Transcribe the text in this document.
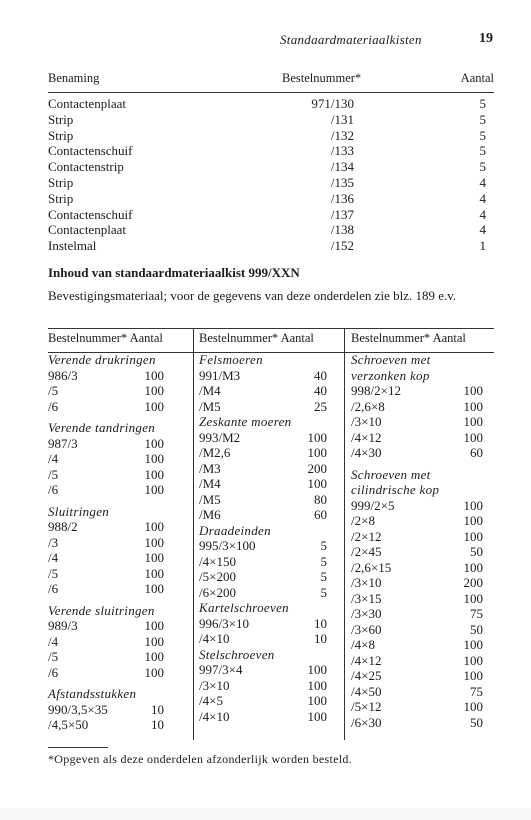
Standaardmateriaalkisten	19
Benaming	Bestelnummer*	Aantal
Contactenplaat	971/130	5
Strip	/131	5
Strip	/132	5
Contactenschuif	/133	5
Contactenstrip	/134	5
Strip	/135	4
Strip	/136	4
Contactenschuif	/137	4
Contactenplaat	/138	4
Instelmal	/152	1
Inhoud van standaardmateriaalkist 999/XXN
Bevestigingsmateriaal; voor de gegevens van deze onderdelen zie blz. 189 e.v.
Bestelnummer* Aantal	Bestelnummer* Aantal	Bestelnummer* Aantal
Verende drukringen
986/3	100
/5	100
/6	100
Verende tandringen
987/3	100
/4	100
/5	100
/6	100
Sluitringen
988/2	100
/3	100
/4	100
/5	100
/6	100
Verende sluitringen
989/3	100
/4	100
/5	100
/6	100
Afstandsstukken
990/3,5×35	10
/4,5×50	10
Felsmoeren
991/M3	40
/M4	40
/M5	25
Zeskante moeren
993/M2	100
/M2,6	100
/M3	200
/M4	100
/M5	80
/M6	60
Draadeinden
995/3×100	5
/4×150	5
/5×200	5
/6×200	5
Kartelschroeven
996/3×10	10
/4×10	10
Stelschroeven
997/3×4	100
/3×10	100
/4×5	100
/4×10	100
Schroeven met
verzonken kop
998/2×12	100
/2,6×8	100
/3×10	100
/4×12	100
/4×30	60
Schroeven met
cilindrische kop
999/2×5	100
/2×8	100
/2×12	100
/2×45	50
/2,6×15	100
/3×10	200
/3×15	100
/3×30	75
/3×60	50
/4×8	100
/4×12	100
/4×25	100
/4×50	75
/5×12	100
/6×30	50
*Opgeven als deze onderdelen afzonderlijk worden besteld.
